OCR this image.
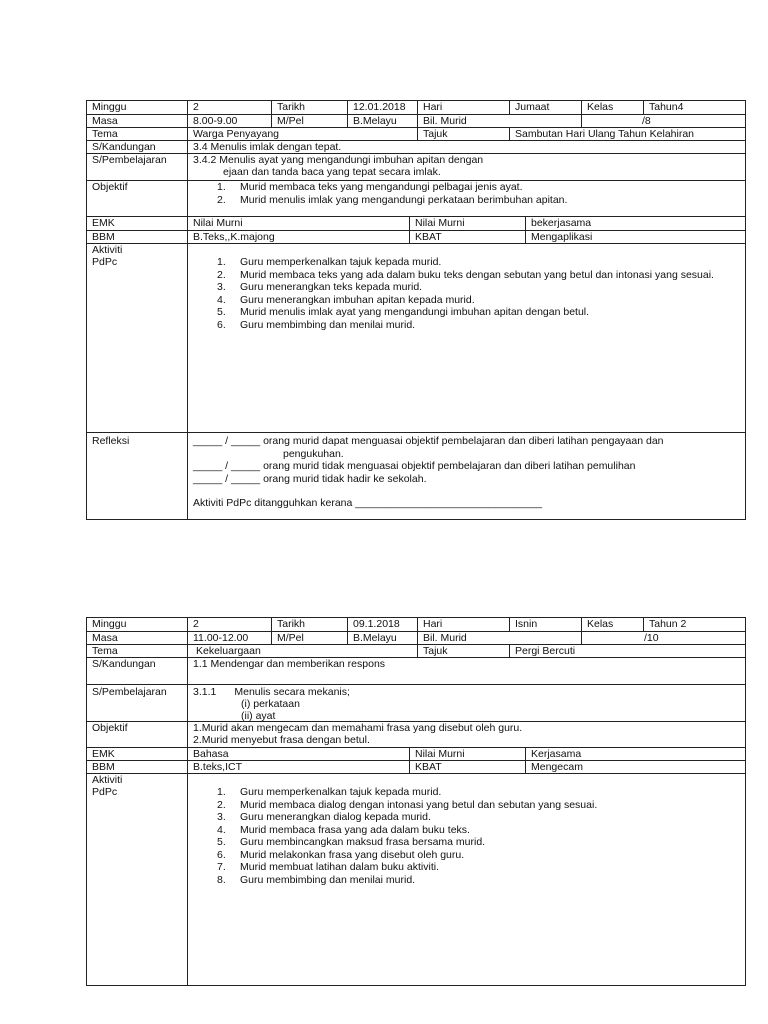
Minggu	2	Tarikh	12.01.2018	Hari	Jumaat	Kelas	Tahun4
Masa	8.00-9.00	M/Pel	B.Melayu	Bil. Murid	/8
Tema	Warga Penyayang	Tajuk	Sambutan Hari Ulang Tahun Kelahiran
S/Kandungan	3.4 Menulis imlak dengan tepat.
S/Pembelajaran	3.4.2 Menulis ayat yang mengandungi imbuhan apitan dengan
ejaan dan tanda baca yang tepat secara imlak.
Objektif	1. Murid membaca teks yang mengandungi pelbagai jenis ayat.
2. Murid menulis imlak yang mengandungi perkataan berimbuhan apitan.
EMK	Nilai Murni	Nilai Murni	bekerjasama
BBM	B.Teks,,K.majong	KBAT	Mengaplikasi
Aktiviti
PdPc	1. Guru memperkenalkan tajuk kepada murid.
2. Murid membaca teks yang ada dalam buku teks dengan sebutan yang betul dan intonasi yang sesuai.
3. Guru menerangkan teks kepada murid.
4. Guru menerangkan imbuhan apitan kepada murid.
5. Murid menulis imlak ayat yang mengandungi imbuhan apitan dengan betul.
6. Guru membimbing dan menilai murid.
Refleksi	_____ / _____ orang murid dapat menguasai objektif pembelajaran dan diberi latihan pengayaan dan
pengukuhan.
_____ / _____ orang murid tidak menguasai objektif pembelajaran dan diberi latihan pemulihan
_____ / _____ orang murid tidak hadir ke sekolah.
Aktiviti PdPc ditangguhkan kerana ________________________________
Minggu	2	Tarikh	09.1.2018	Hari	Isnin	Kelas	Tahun 2
Masa	11.00-12.00	M/Pel	B.Melayu	Bil. Murid	/10
Tema	Kekeluargaan	Tajuk	Pergi Bercuti
S/Kandungan	1.1 Mendengar dan memberikan respons
S/Pembelajaran	3.1.1 Menulis secara mekanis;
(i) perkataan
(ii) ayat
Objektif	1.Murid akan mengecam dan memahami frasa yang disebut oleh guru.
2.Murid menyebut frasa dengan betul.
EMK	Bahasa	Nilai Murni	Kerjasama
BBM	B.teks,ICT	KBAT	Mengecam
Aktiviti
PdPc	1. Guru memperkenalkan tajuk kepada murid.
2. Murid membaca dialog dengan intonasi yang betul dan sebutan yang sesuai.
3. Guru menerangkan dialog kepada murid.
4. Murid membaca frasa yang ada dalam buku teks.
5. Guru membincangkan maksud frasa bersama murid.
6. Murid melakonkan frasa yang disebut oleh guru.
7. Murid membuat latihan dalam buku aktiviti.
8. Guru membimbing dan menilai murid.
